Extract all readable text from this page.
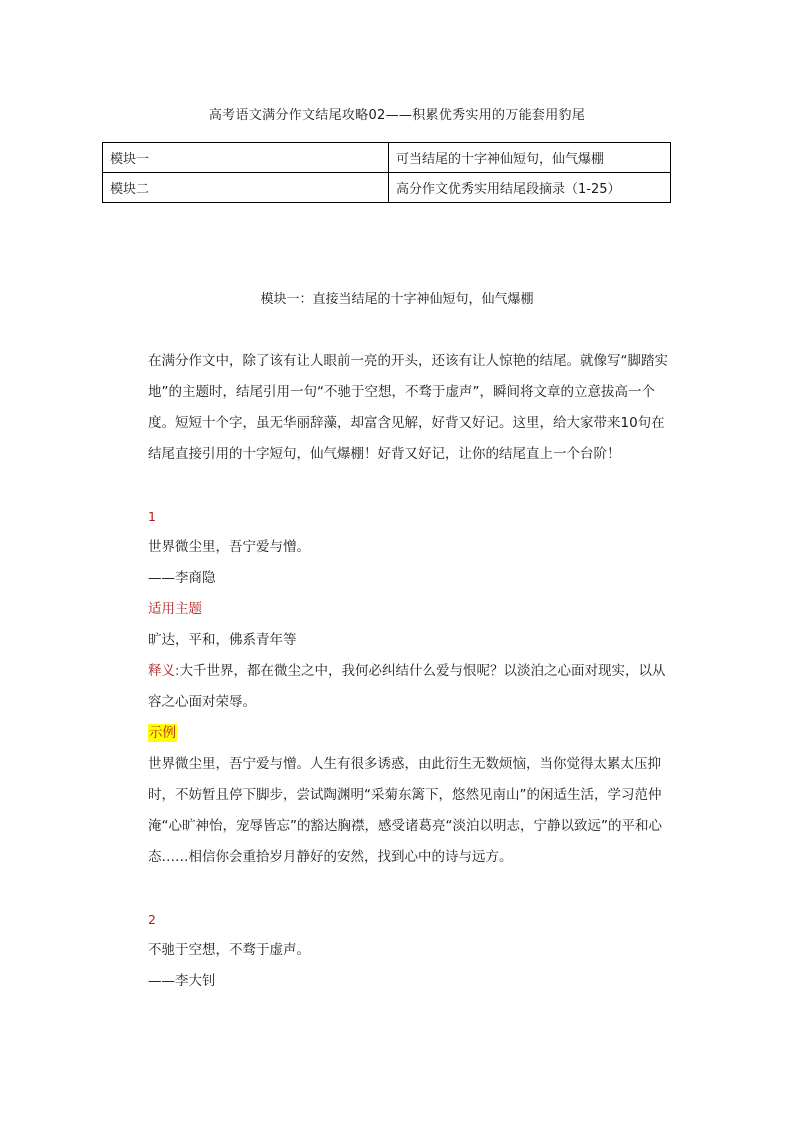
高考语文满分作文结尾攻略02——积累优秀实用的万能套用豹尾
模块一	可当结尾的十字神仙短句，仙气爆棚
模块二	高分作文优秀实用结尾段摘录（1-25）
模块一：直接当结尾的十字神仙短句，仙气爆棚
在满分作文中，除了该有让人眼前一亮的开头，还该有让人惊艳的结尾。就像写“脚踏实地”的主题时，结尾引用一句“不驰于空想，不骛于虚声”，瞬间将文章的立意拔高一个度。短短十个字，虽无华丽辞藻，却富含见解，好背又好记。这里，给大家带来10句在结尾直接引用的十字短句，仙气爆棚！好背又好记，让你的结尾直上一个台阶！
1
世界微尘里，吾宁爱与憎。
——李商隐
适用主题
旷达，平和，佛系青年等
释义:大千世界，都在微尘之中，我何必纠结什么爱与恨呢？以淡泊之心面对现实，以从容之心面对荣辱。
示例
世界微尘里，吾宁爱与憎。人生有很多诱惑，由此衍生无数烦恼，当你觉得太累太压抑时，不妨暂且停下脚步，尝试陶渊明“采菊东篱下，悠然见南山”的闲适生活，学习范仲淹“心旷神怡，宠辱皆忘”的豁达胸襟，感受诸葛亮“淡泊以明志，宁静以致远”的平和心态……相信你会重拾岁月静好的安然，找到心中的诗与远方。
2
不驰于空想，不骛于虚声。
——李大钊
